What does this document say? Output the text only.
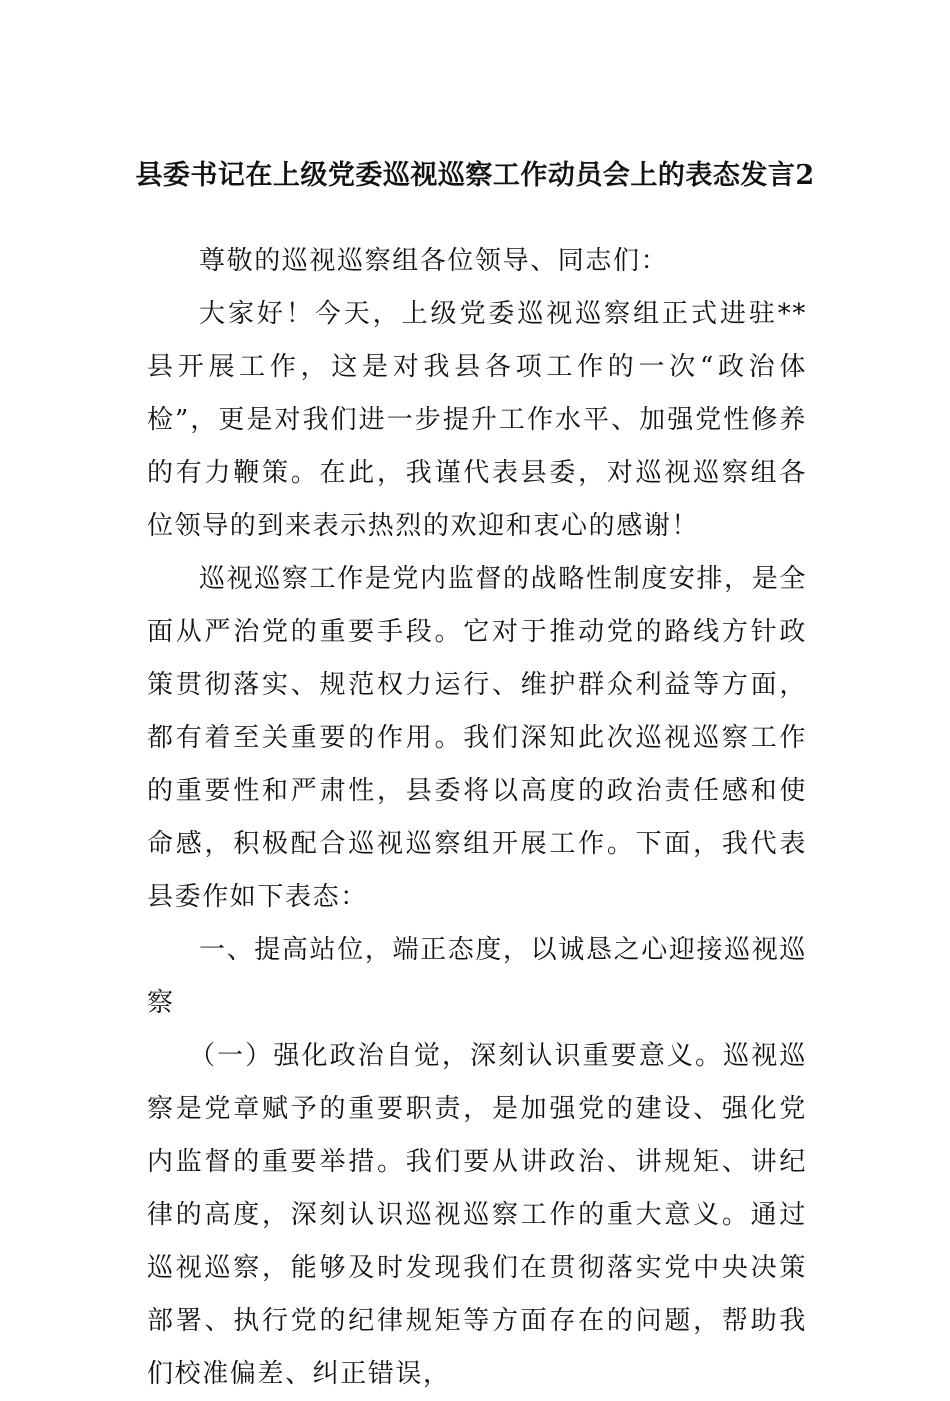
县委书记在上级党委巡视巡察工作动员会上的表态发言2

尊敬的巡视巡察组各位领导、同志们：

大家好！今天，上级党委巡视巡察组正式进驻**县开展工作，这是对我县各项工作的一次“政治体检”，更是对我们进一步提升工作水平、加强党性修养的有力鞭策。在此，我谨代表县委，对巡视巡察组各位领导的到来表示热烈的欢迎和衷心的感谢！

巡视巡察工作是党内监督的战略性制度安排，是全面从严治党的重要手段。它对于推动党的路线方针政策贯彻落实、规范权力运行、维护群众利益等方面，都有着至关重要的作用。我们深知此次巡视巡察工作的重要性和严肃性，县委将以高度的政治责任感和使命感，积极配合巡视巡察组开展工作。下面，我代表县委作如下表态：

一、提高站位，端正态度，以诚恳之心迎接巡视巡察

（一）强化政治自觉，深刻认识重要意义。巡视巡察是党章赋予的重要职责，是加强党的建设、强化党内监督的重要举措。我们要从讲政治、讲规矩、讲纪律的高度，深刻认识巡视巡察工作的重大意义。通过巡视巡察，能够及时发现我们在贯彻落实党中央决策部署、执行党的纪律规矩等方面存在的问题，帮助我们校准偏差、纠正错误，
